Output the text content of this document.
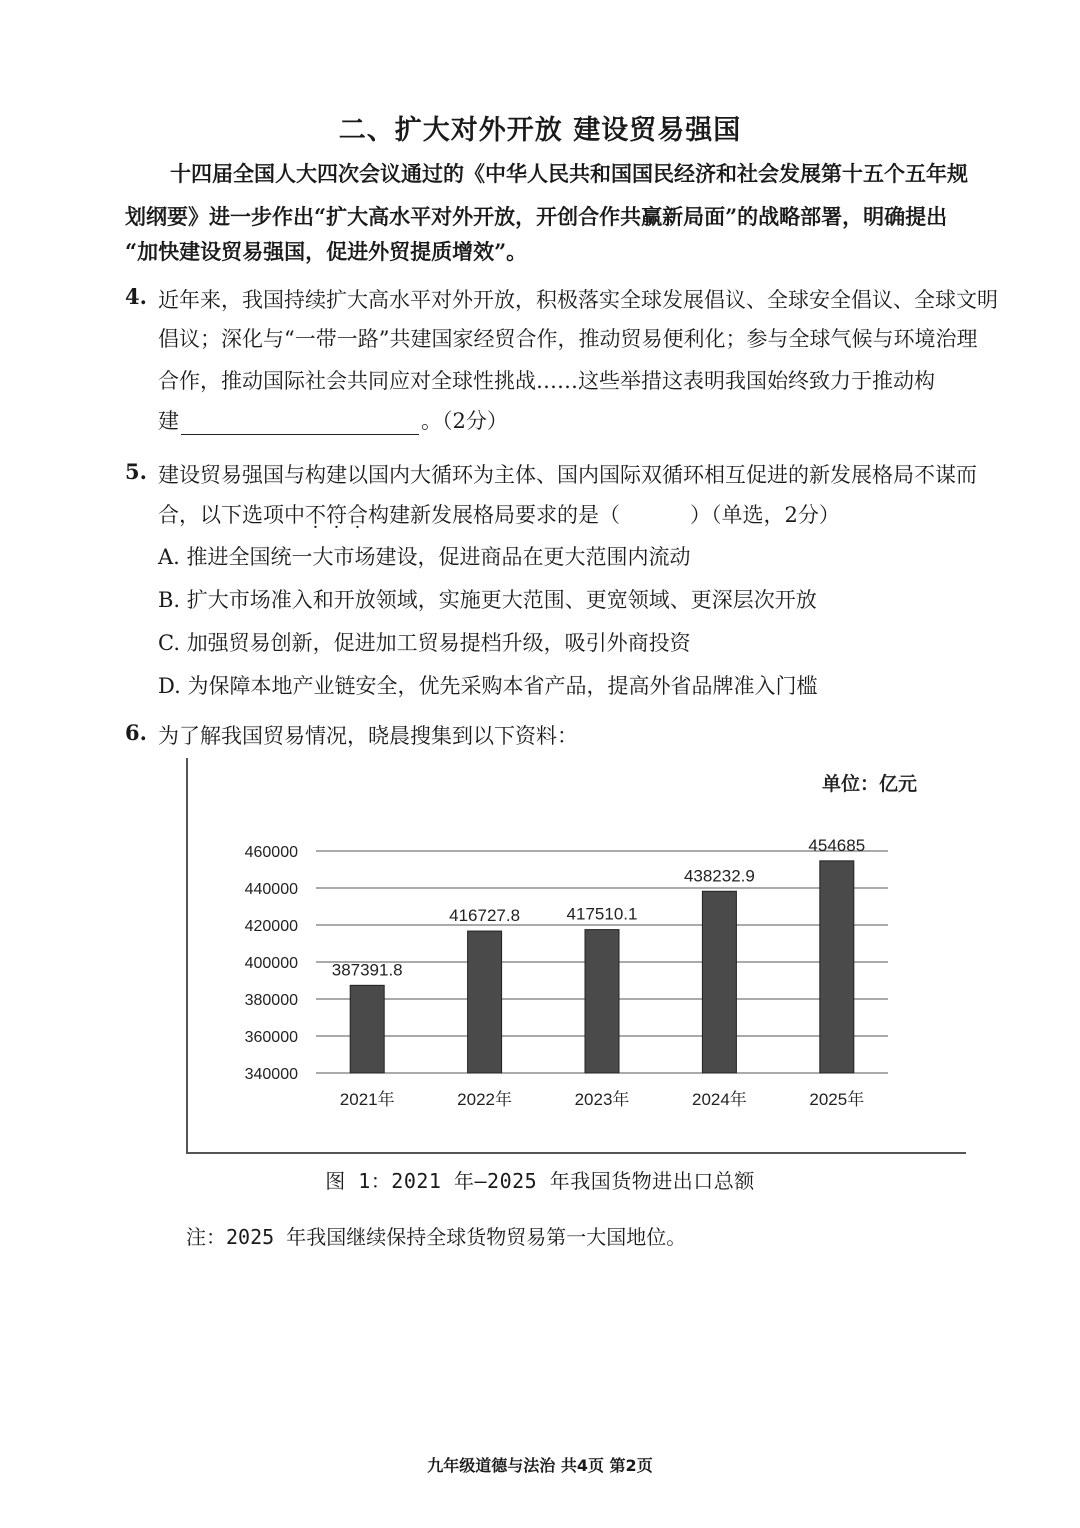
二、扩大对外开放 建设贸易强国
十四届全国人大四次会议通过的《中华人民共和国国民经济和社会发展第十五个五年规
划纲要》进一步作出“扩大高水平对外开放，开创合作共赢新局面”的战略部署，明确提出
“加快建设贸易强国，促进外贸提质增效”。
4. 近年来，我国持续扩大高水平对外开放，积极落实全球发展倡议、全球安全倡议、全球文明
倡议；深化与“一带一路”共建国家经贸合作，推动贸易便利化；参与全球气候与环境治理
合作，推动国际社会共同应对全球性挑战……这些举措这表明我国始终致力于推动构
建	。（2分）
5. 建设贸易强国与构建以国内大循环为主体、国内国际双循环相互促进的新发展格局不谋而
合，以下选项中不符合构建新发展格局要求的是（	）（单选，2分）
A. 推进全国统一大市场建设，促进商品在更大范围内流动
B. 扩大市场准入和开放领域，实施更大范围、更宽领域、更深层次开放
C. 加强贸易创新，促进加工贸易提档升级，吸引外商投资
D. 为保障本地产业链安全，优先采购本省产品，提高外省品牌准入门槛
6. 为了解我国贸易情况，晓晨搜集到以下资料：
460000
440000
420000
400000
380000
360000
340000
387391.8
416727.8	417510.1
438232.9
454685
2021年	2022年	2023年	2024年	2025年
单位：亿元
图 1：2021 年—2025 年我国货物进出口总额
注：2025 年我国继续保持全球货物贸易第一大国地位。
九年级道德与法治 共4页 第2页
